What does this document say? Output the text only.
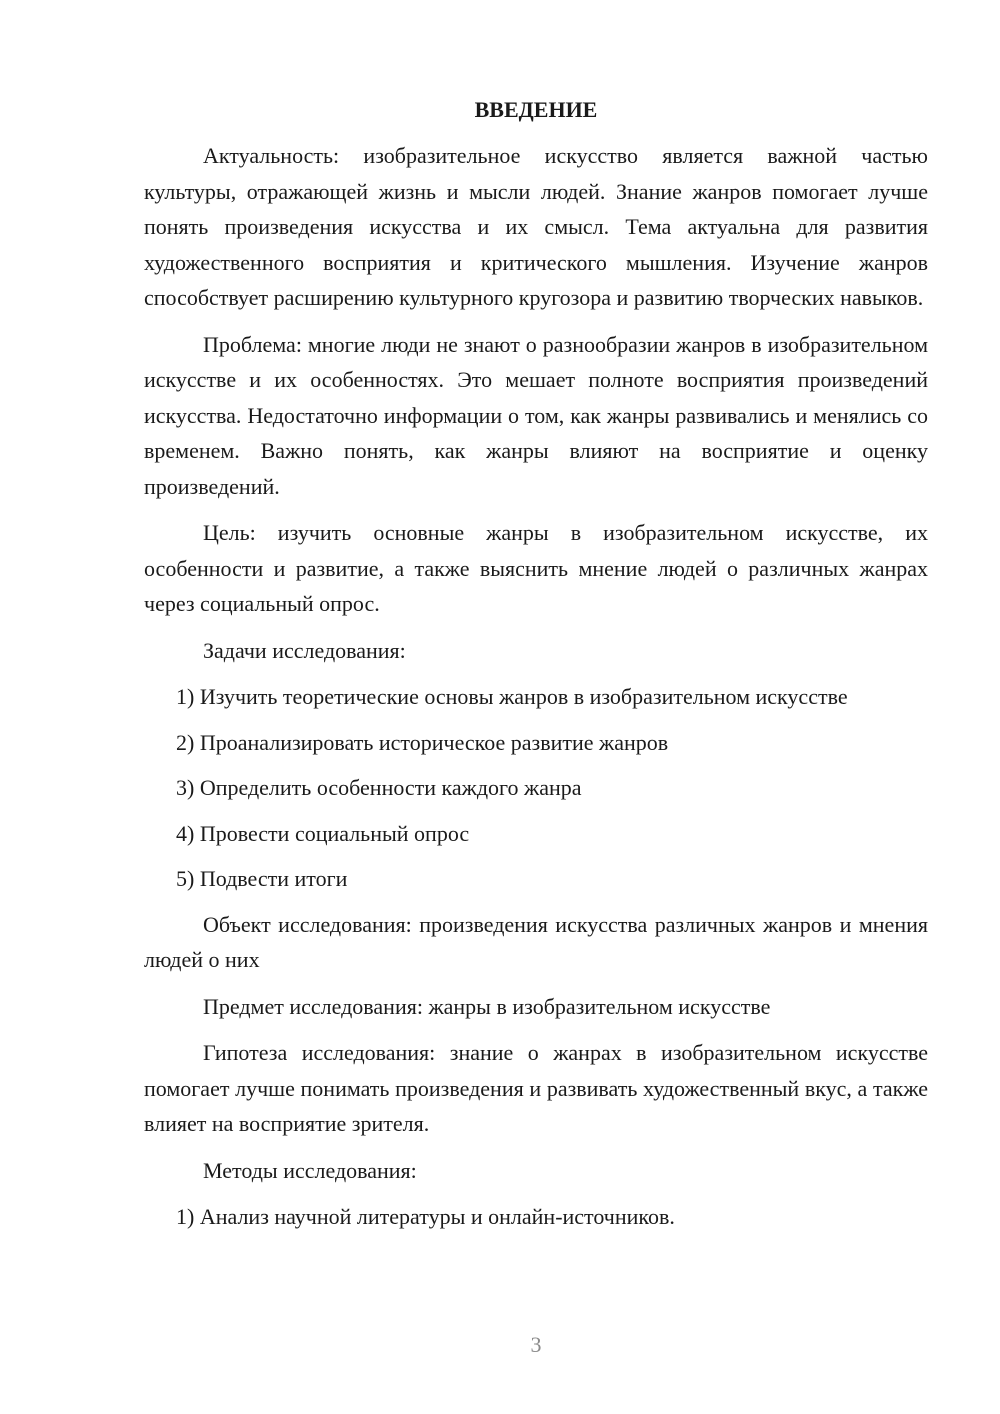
ВВЕДЕНИЕ

Актуальность: изобразительное искусство является важной частью культуры, отражающей жизнь и мысли людей. Знание жанров помогает лучше понять произведения искусства и их смысл. Тема актуальна для развития художественного восприятия и критического мышления. Изучение жанров способствует расширению культурного кругозора и развитию творческих навыков.

Проблема: многие люди не знают о разнообразии жанров в изобразительном искусстве и их особенностях. Это мешает полноте восприятия произведений искусства. Недостаточно информации о том, как жанры развивались и менялись со временем. Важно понять, как жанры влияют на восприятие и оценку произведений.

Цель: изучить основные жанры в изобразительном искусстве, их особенности и развитие, а также выяснить мнение людей о различных жанрах через социальный опрос.

Задачи исследования:

1) Изучить теоретические основы жанров в изобразительном искусстве

2) Проанализировать историческое развитие жанров

3) Определить особенности каждого жанра

4) Провести социальный опрос

5) Подвести итоги

Объект исследования: произведения искусства различных жанров и мнения людей о них

Предмет исследования: жанры в изобразительном искусстве

Гипотеза исследования: знание о жанрах в изобразительном искусстве помогает лучше понимать произведения и развивать художественный вкус, а также влияет на восприятие зрителя.

Методы исследования:

1) Анализ научной литературы и онлайн-источников.

3
